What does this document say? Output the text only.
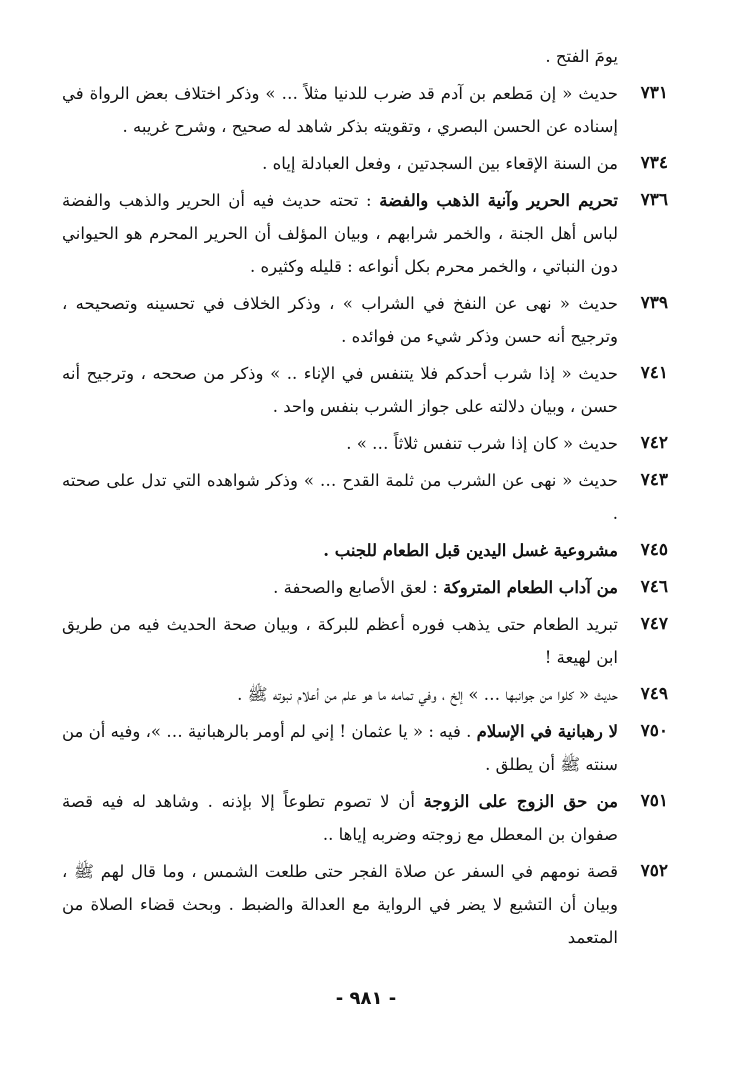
يومَ الفتح .
٧٣١
حديث « إن مَطعم بن آدم قد ضرب للدنيا مثلاً … » وذكر اختلاف بعض الرواة في إسناده عن الحسن البصري ، وتقويته بذكر شاهد له صحيح ، وشرح غريبه .
٧٣٤
من السنة الإقعاء بين السجدتين ، وفعل العبادلة إياه .
٧٣٦
تحريم الحرير وآنية الذهب والفضة : تحته حديث فيه أن الحرير والذهب والفضة لباس أهل الجنة ، والخمر شرابهم ، وبيان المؤلف أن الحرير المحرم هو الحيواني دون النباتي ، والخمر محرم بكل أنواعه : قليله وكثيره .
٧٣٩
حديث « نهى عن النفخ في الشراب » ، وذكر الخلاف في تحسينه وتصحيحه ، وترجيح أنه حسن وذكر شيء من فوائده .
٧٤١
حديث « إذا شرب أحدكم فلا يتنفس في الإناء .. » وذكر من صححه ، وترجيح أنه حسن ، وبيان دلالته على جواز الشرب بنفس واحد .
٧٤٢
حديث « كان إذا شرب تنفس ثلاثاً … » .
٧٤٣
حديث « نهى عن الشرب من ثلمة القدح … » وذكر شواهده التي تدل على صحته .
٧٤٥
مشروعية غسل اليدين قبل الطعام للجنب .
٧٤٦
من آداب الطعام المتروكة : لعق الأصابع والصحفة .
٧٤٧
تبريد الطعام حتى يذهب فوره أعظم للبركة ، وبيان صحة الحديث فيه من طريق ابن لهيعة !
٧٤٩
حديث « كلوا من جوانبها … » إلخ ، وفي تمامه ما هو علم من أعلام نبوته ﷺ .
٧٥٠
لا رهبانية في الإسلام . فيه : « يا عثمان ! إني لم أومر بالرهبانية … »، وفيه أن من سنته ﷺ أن يطلق .
٧٥١
من حق الزوج على الزوجة أن لا تصوم تطوعاً إلا بإذنه . وشاهد له فيه قصة صفوان بن المعطل مع زوجته وضربه إياها ..
٧٥٢
قصة نومهم في السفر عن صلاة الفجر حتى طلعت الشمس ، وما قال لهم ﷺ ، وبيان أن التشيع لا يضر في الرواية مع العدالة والضبط . وبحث قضاء الصلاة من المتعمد
- ٩٨١ -
